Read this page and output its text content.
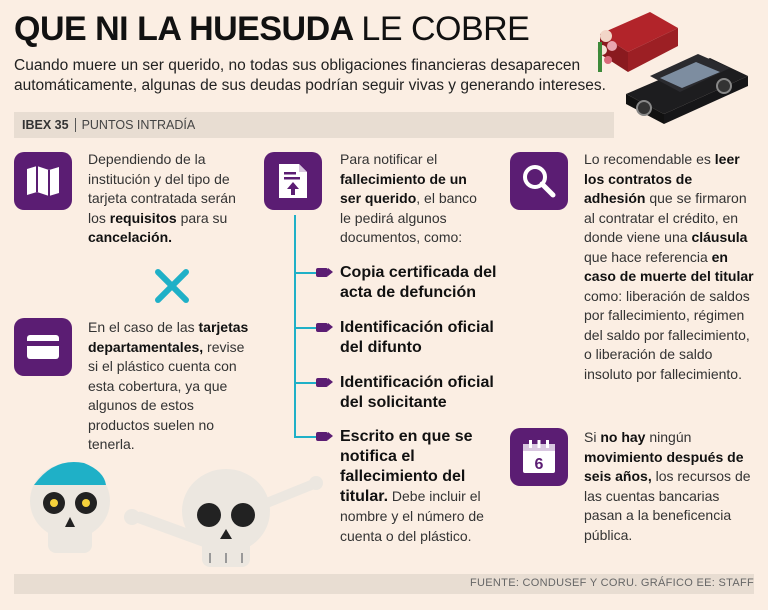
QUE NI LA HUESUDA LE COBRE
Cuando muere un ser querido, no todas sus obligaciones financieras desaparecen automáticamente, algunas de sus deudas podrían seguir vivas y generando intereses.
IBEX 35 PUNTOS INTRADÍA
Dependiendo de la institución y del tipo de tarjeta contratada serán los requisitos para su cancelación.
En el caso de las tarjetas departamentales, revise si el plástico cuenta con esta cobertura, ya que algunos de estos productos suelen no tenerla.
Para notificar el fallecimiento de un ser querido, el banco le pedirá algunos documentos, como:
Copia certificada del acta de defunción
Identificación oficial del difunto
Identificación oficial del solicitante
Escrito en que se notifica el fallecimiento del titular. Debe incluir el nombre y el número de cuenta o del plástico.
Lo recomendable es leer los contratos de adhesión que se firmaron al contratar el crédito, en donde viene una cláusula que hace referencia en caso de muerte del titular como: liberación de saldos por fallecimiento, régimen del saldo por fallecimiento, o liberación de saldo insoluto por fallecimiento.
6
Si no hay ningún movimiento después de seis años, los recursos de las cuentas bancarias pasan a la beneficencia pública.
FUENTE: CONDUSEF Y CORU. GRÁFICO EE: STAFF
